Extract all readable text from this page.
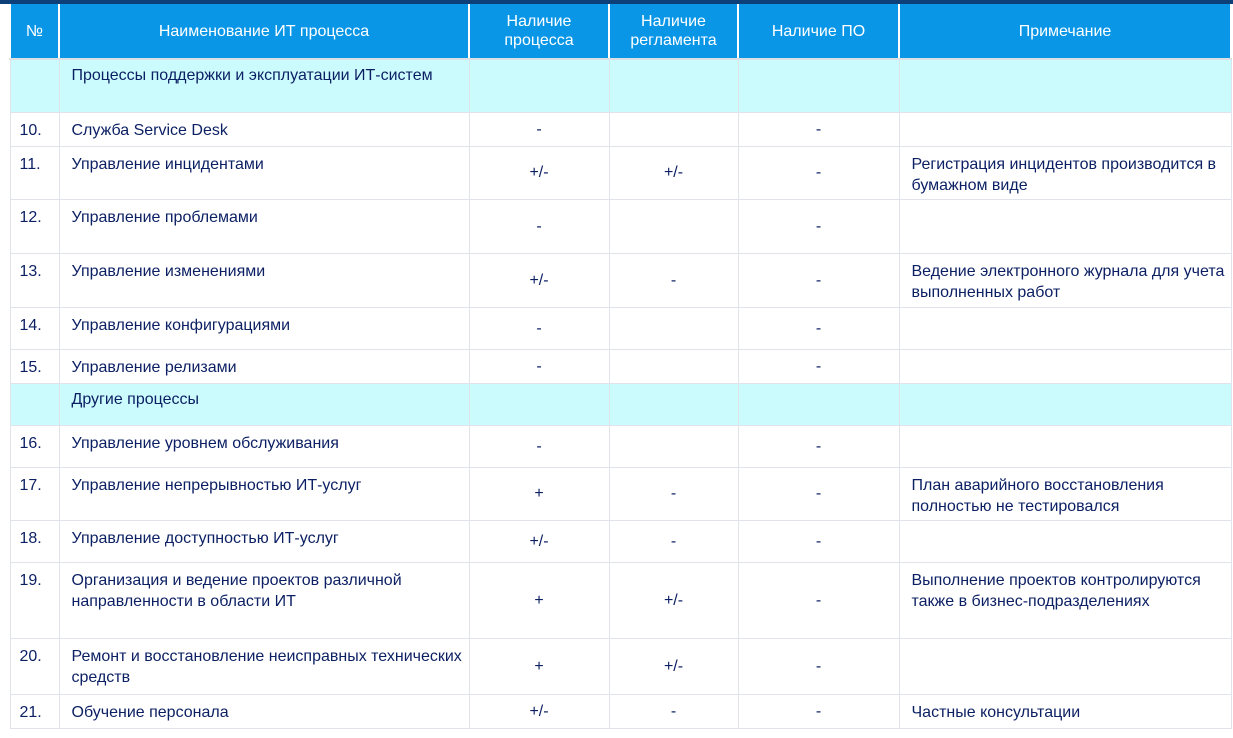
№	Наименование ИТ процесса	Наличие процесса	Наличие регламента	Наличие ПО	Примечание
	Процессы поддержки и эксплуатации ИТ-систем				
10.	Служба Service Desk	-		-	
11.	Управление инцидентами	+/-	+/-	-	Регистрация инцидентов производится в бумажном виде
12.	Управление проблемами	-		-	
13.	Управление изменениями	+/-	-	-	Ведение электронного журнала для учета выполненных работ
14.	Управление конфигурациями	-		-	
15.	Управление релизами	-		-	
	Другие процессы				
16.	Управление уровнем обслуживания	-		-	
17.	Управление непрерывностью ИТ-услуг	+	-	-	План аварийного восстановления полностью не тестировался
18.	Управление доступностью ИТ-услуг	+/-	-	-	
19.	Организация и ведение проектов различной направленности в области ИТ	+	+/-	-	Выполнение проектов контролируются также в бизнес-подразделениях
20.	Ремонт и восстановление неисправных технических средств	+	+/-	-	
21.	Обучение персонала	+/-	-	-	Частные консультации
